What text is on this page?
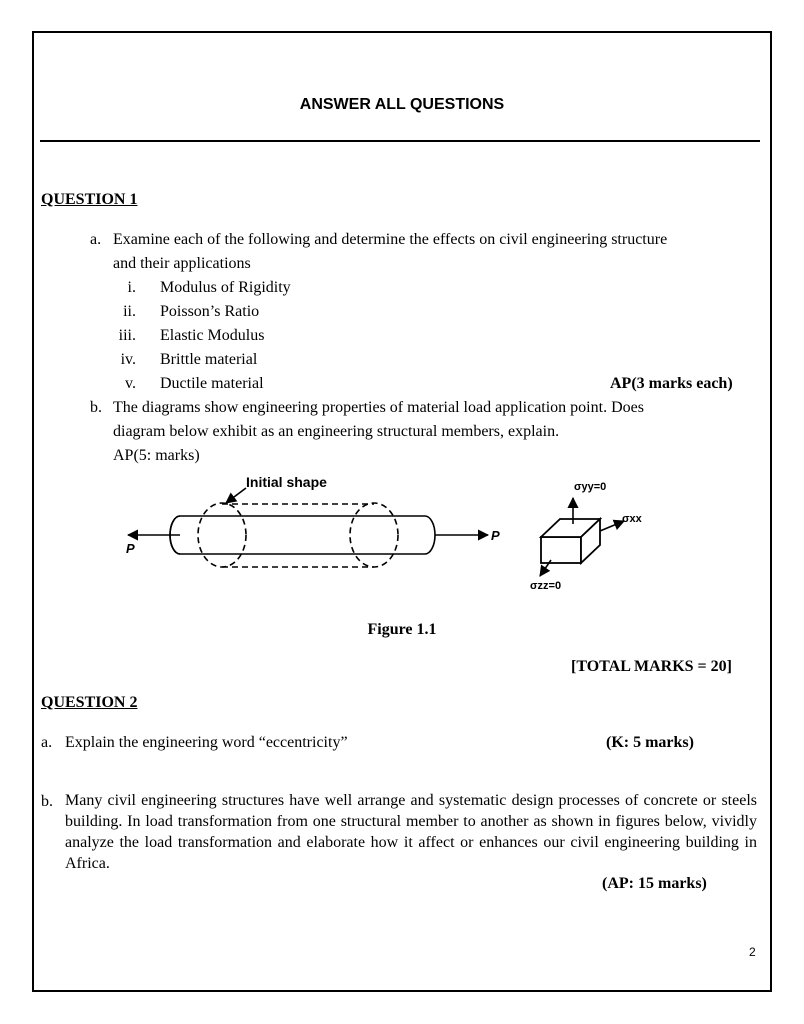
ANSWER ALL QUESTIONS
QUESTION 1
a. Examine each of the following and determine the effects on civil engineering structure
and their applications
i. Modulus of Rigidity
ii. Poisson’s Ratio
iii. Elastic Modulus
iv. Brittle material
v. Ductile material	AP(3 marks each)
b. The diagrams show engineering properties of material load application point. Does
diagram below exhibit as an engineering structural members, explain.
AP(5: marks)
Initial shape
P
P
σyy=0
σxx
σzz=0
Figure 1.1
[TOTAL MARKS = 20]
QUESTION 2
a. Explain the engineering word “eccentricity”	(K: 5 marks)
b. Many civil engineering structures have well arrange and systematic design processes of concrete or steels building. In load transformation from one structural member to another as shown in figures below, vividly analyze the load transformation and elaborate how it affect or enhances our civil engineering building in Africa.
(AP: 15 marks)
2
